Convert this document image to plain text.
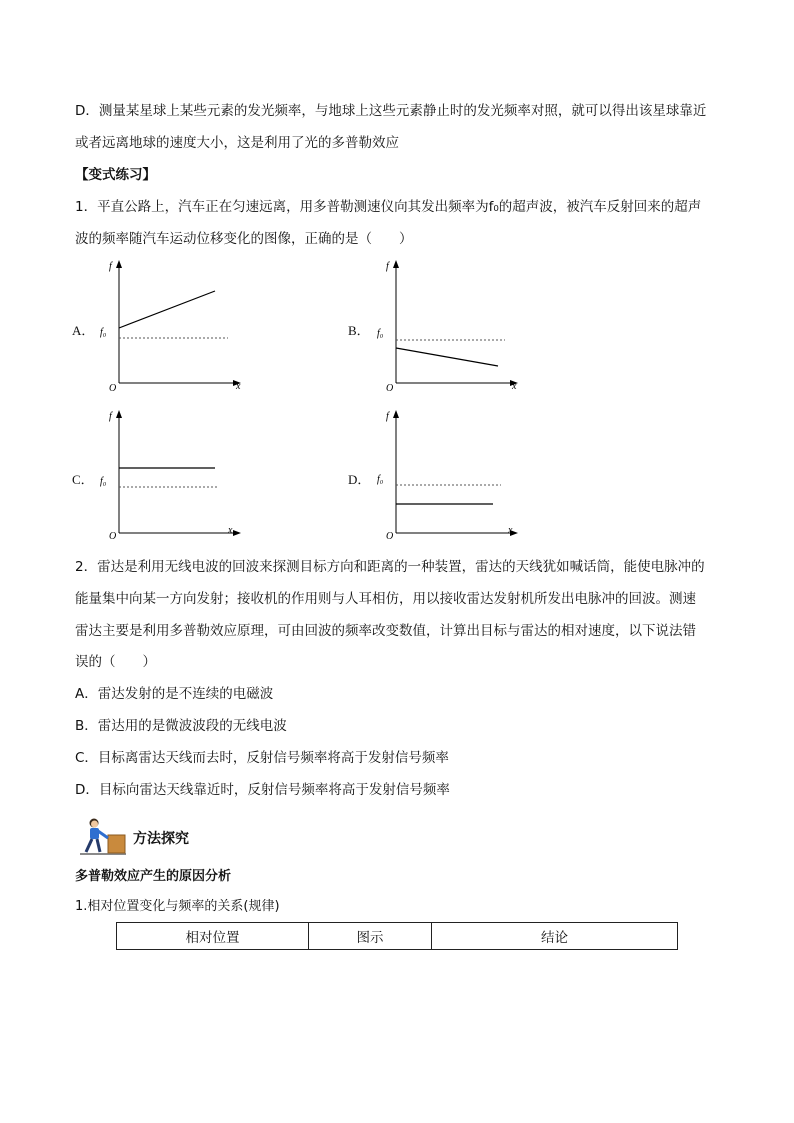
D．测量某星球上某些元素的发光频率，与地球上这些元素静止时的发光频率对照，就可以得出该星球靠近
或者远离地球的速度大小，这是利用了光的多普勒效应
【变式练习】
1．平直公路上，汽车正在匀速远离，用多普勒测速仪向其发出频率为f₀的超声波，被汽车反射回来的超声
波的频率随汽车运动位移变化的图像，正确的是（　　）
A．
f
O	x
f₀	B．
f
O	x
f₀
C．
f
O
x
f₀	D．
f
O
x
f₀
2．雷达是利用无线电波的回波来探测目标方向和距离的一种装置，雷达的天线犹如喊话筒，能使电脉冲的
能量集中向某一方向发射；接收机的作用则与人耳相仿，用以接收雷达发射机所发出电脉冲的回波。测速
雷达主要是利用多普勒效应原理，可由回波的频率改变数值，计算出目标与雷达的相对速度，以下说法错
误的（　　）
A．雷达发射的是不连续的电磁波
B．雷达用的是微波波段的无线电波
C．目标离雷达天线而去时，反射信号频率将高于发射信号频率
D．目标向雷达天线靠近时，反射信号频率将高于发射信号频率
方法探究
多普勒效应产生的原因分析
1.相对位置变化与频率的关系(规律)
相对位置	图示	结论
